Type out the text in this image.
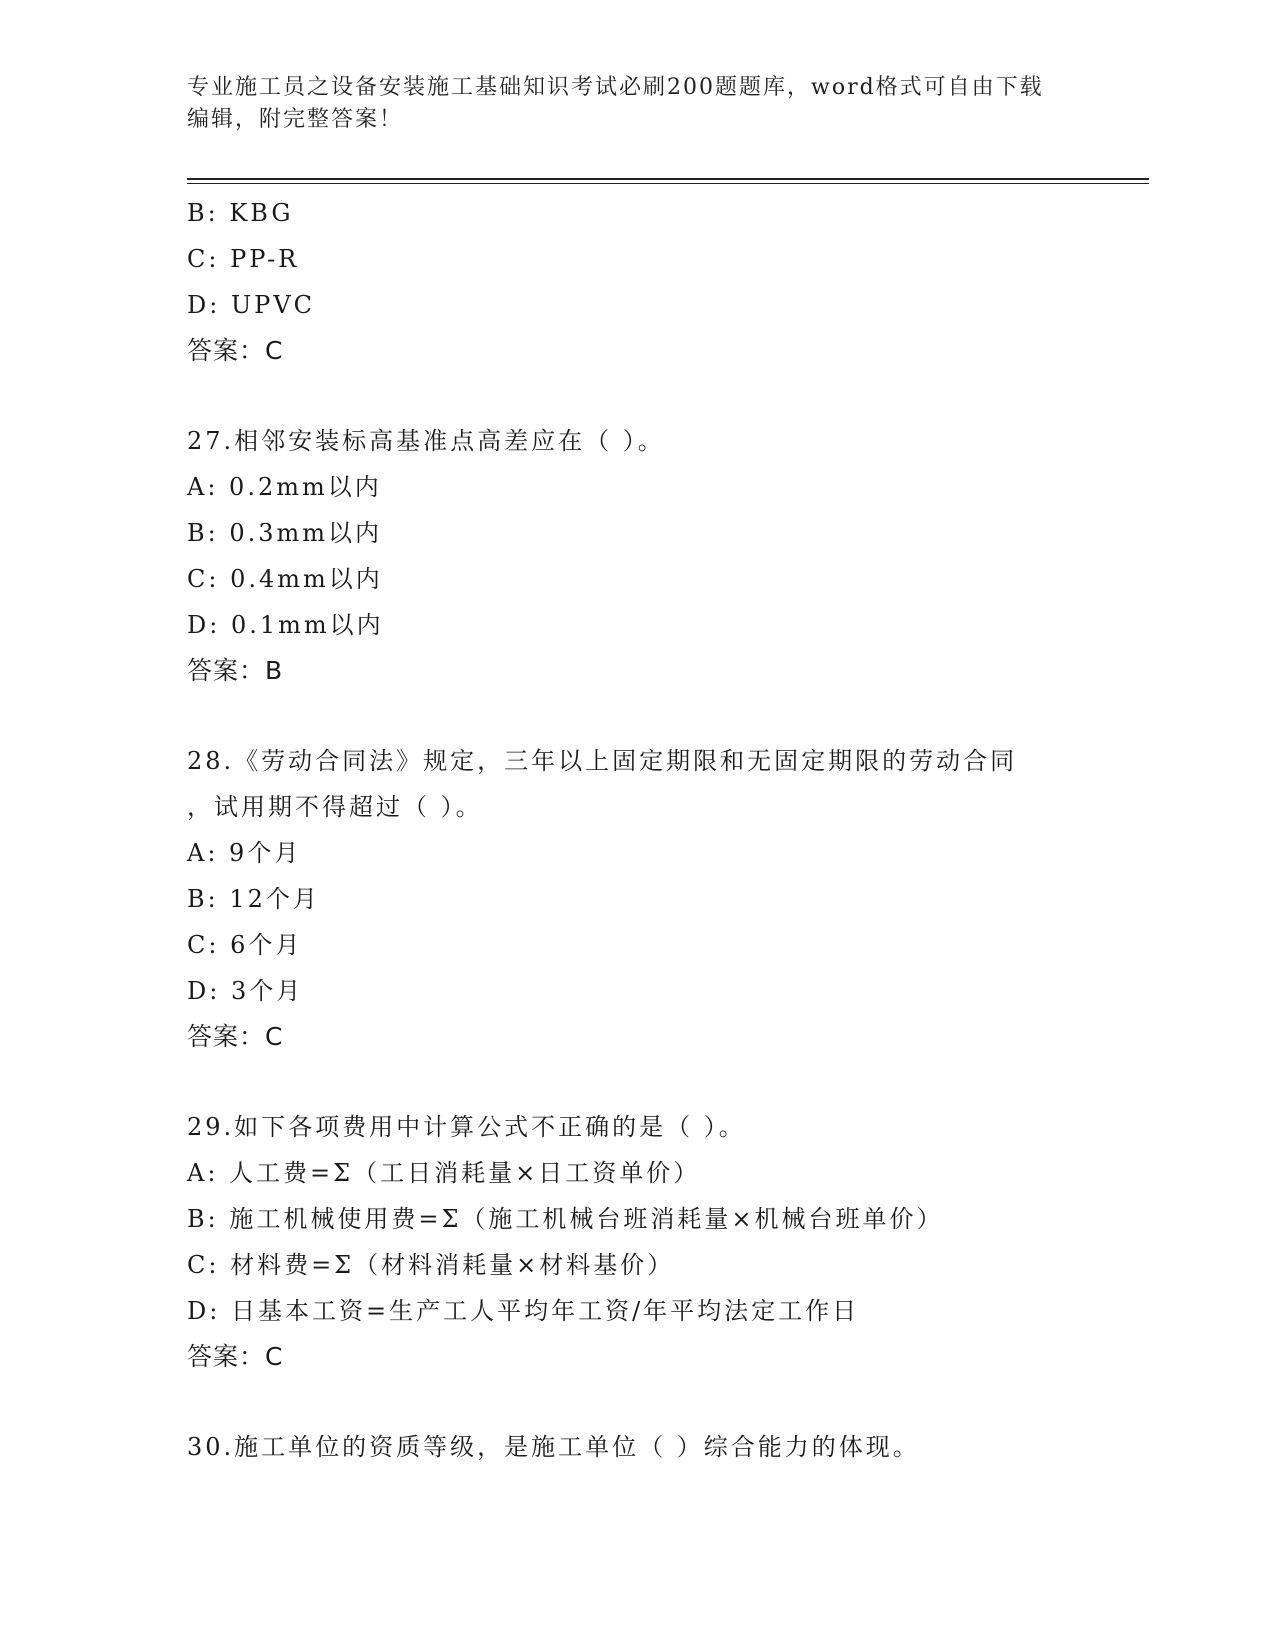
专业施工员之设备安装施工基础知识考试必刷200题题库，word格式可自由下载
编辑，附完整答案！
B: KBG
C: PP-R
D: UPVC
答案：C
27.相邻安装标高基准点高差应在（ ）。
A: 0.2mm以内
B: 0.3mm以内
C: 0.4mm以内
D: 0.1mm以内
答案：B
28.《劳动合同法》规定，三年以上固定期限和无固定期限的劳动合同
，试用期不得超过（ ）。
A: 9个月
B: 12个月
C: 6个月
D: 3个月
答案：C
29.如下各项费用中计算公式不正确的是（ ）。
A: 人工费=Σ（工日消耗量×日工资单价）
B: 施工机械使用费=Σ（施工机械台班消耗量×机械台班单价）
C: 材料费=Σ（材料消耗量×材料基价）
D: 日基本工资=生产工人平均年工资/年平均法定工作日
答案：C
30.施工单位的资质等级，是施工单位（ ）综合能力的体现。
